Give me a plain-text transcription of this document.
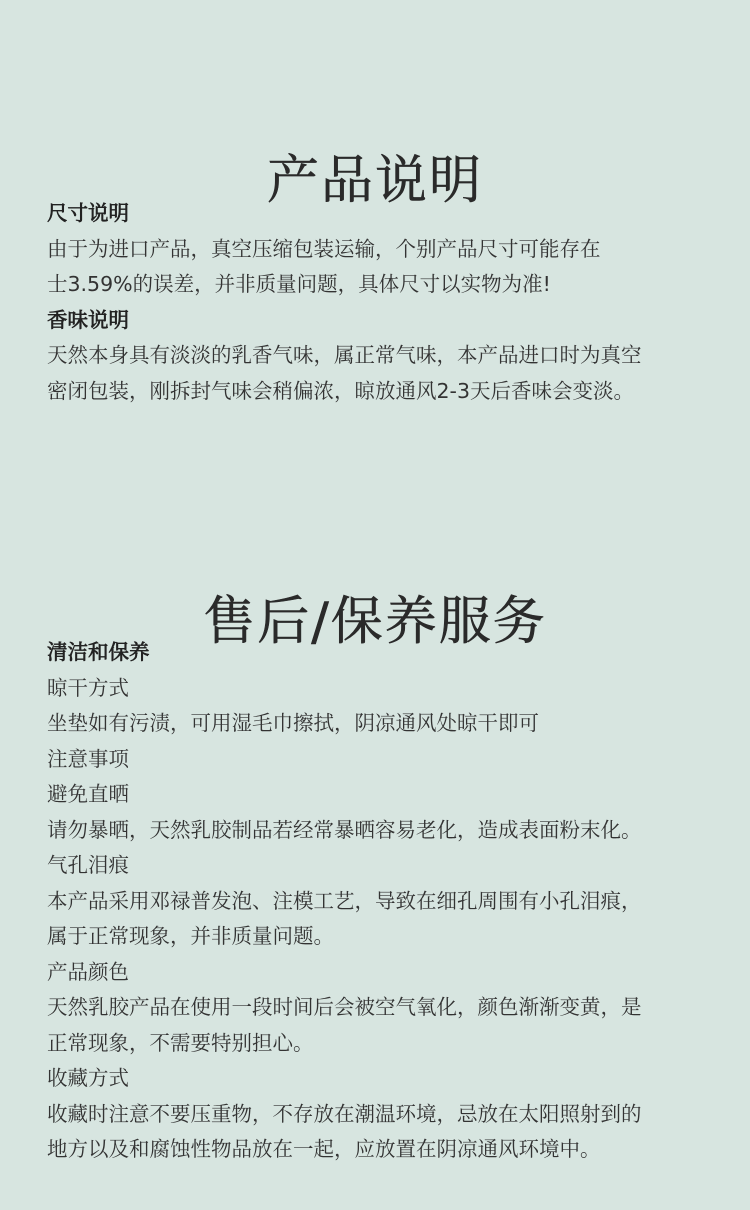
产品说明
尺寸说明
由于为进口产品，真空压缩包装运输，个别产品尺寸可能存在
士3.59%的误差，并非质量问题，具体尺寸以实物为准!
香味说明
天然本身具有淡淡的乳香气味，属正常气味，本产品进口时为真空
密闭包装，刚拆封气味会稍偏浓，晾放通风2-3天后香味会变淡。
售后/保养服务
清洁和保养
晾干方式
坐垫如有污渍，可用湿毛巾擦拭，阴凉通风处晾干即可
注意事项
避免直晒
请勿暴晒，天然乳胶制品若经常暴晒容易老化，造成表面粉末化。
气孔泪痕
本产品采用邓禄普发泡、注模工艺，导致在细孔周围有小孔泪痕，
属于正常现象，并非质量问题。
产品颜色
天然乳胶产品在使用一段时间后会被空气氧化，颜色渐渐变黄，是
正常现象，不需要特别担心。
收藏方式
收藏时注意不要压重物，不存放在潮温环境，忌放在太阳照射到的
地方以及和腐蚀性物品放在一起，应放置在阴凉通风环境中。
